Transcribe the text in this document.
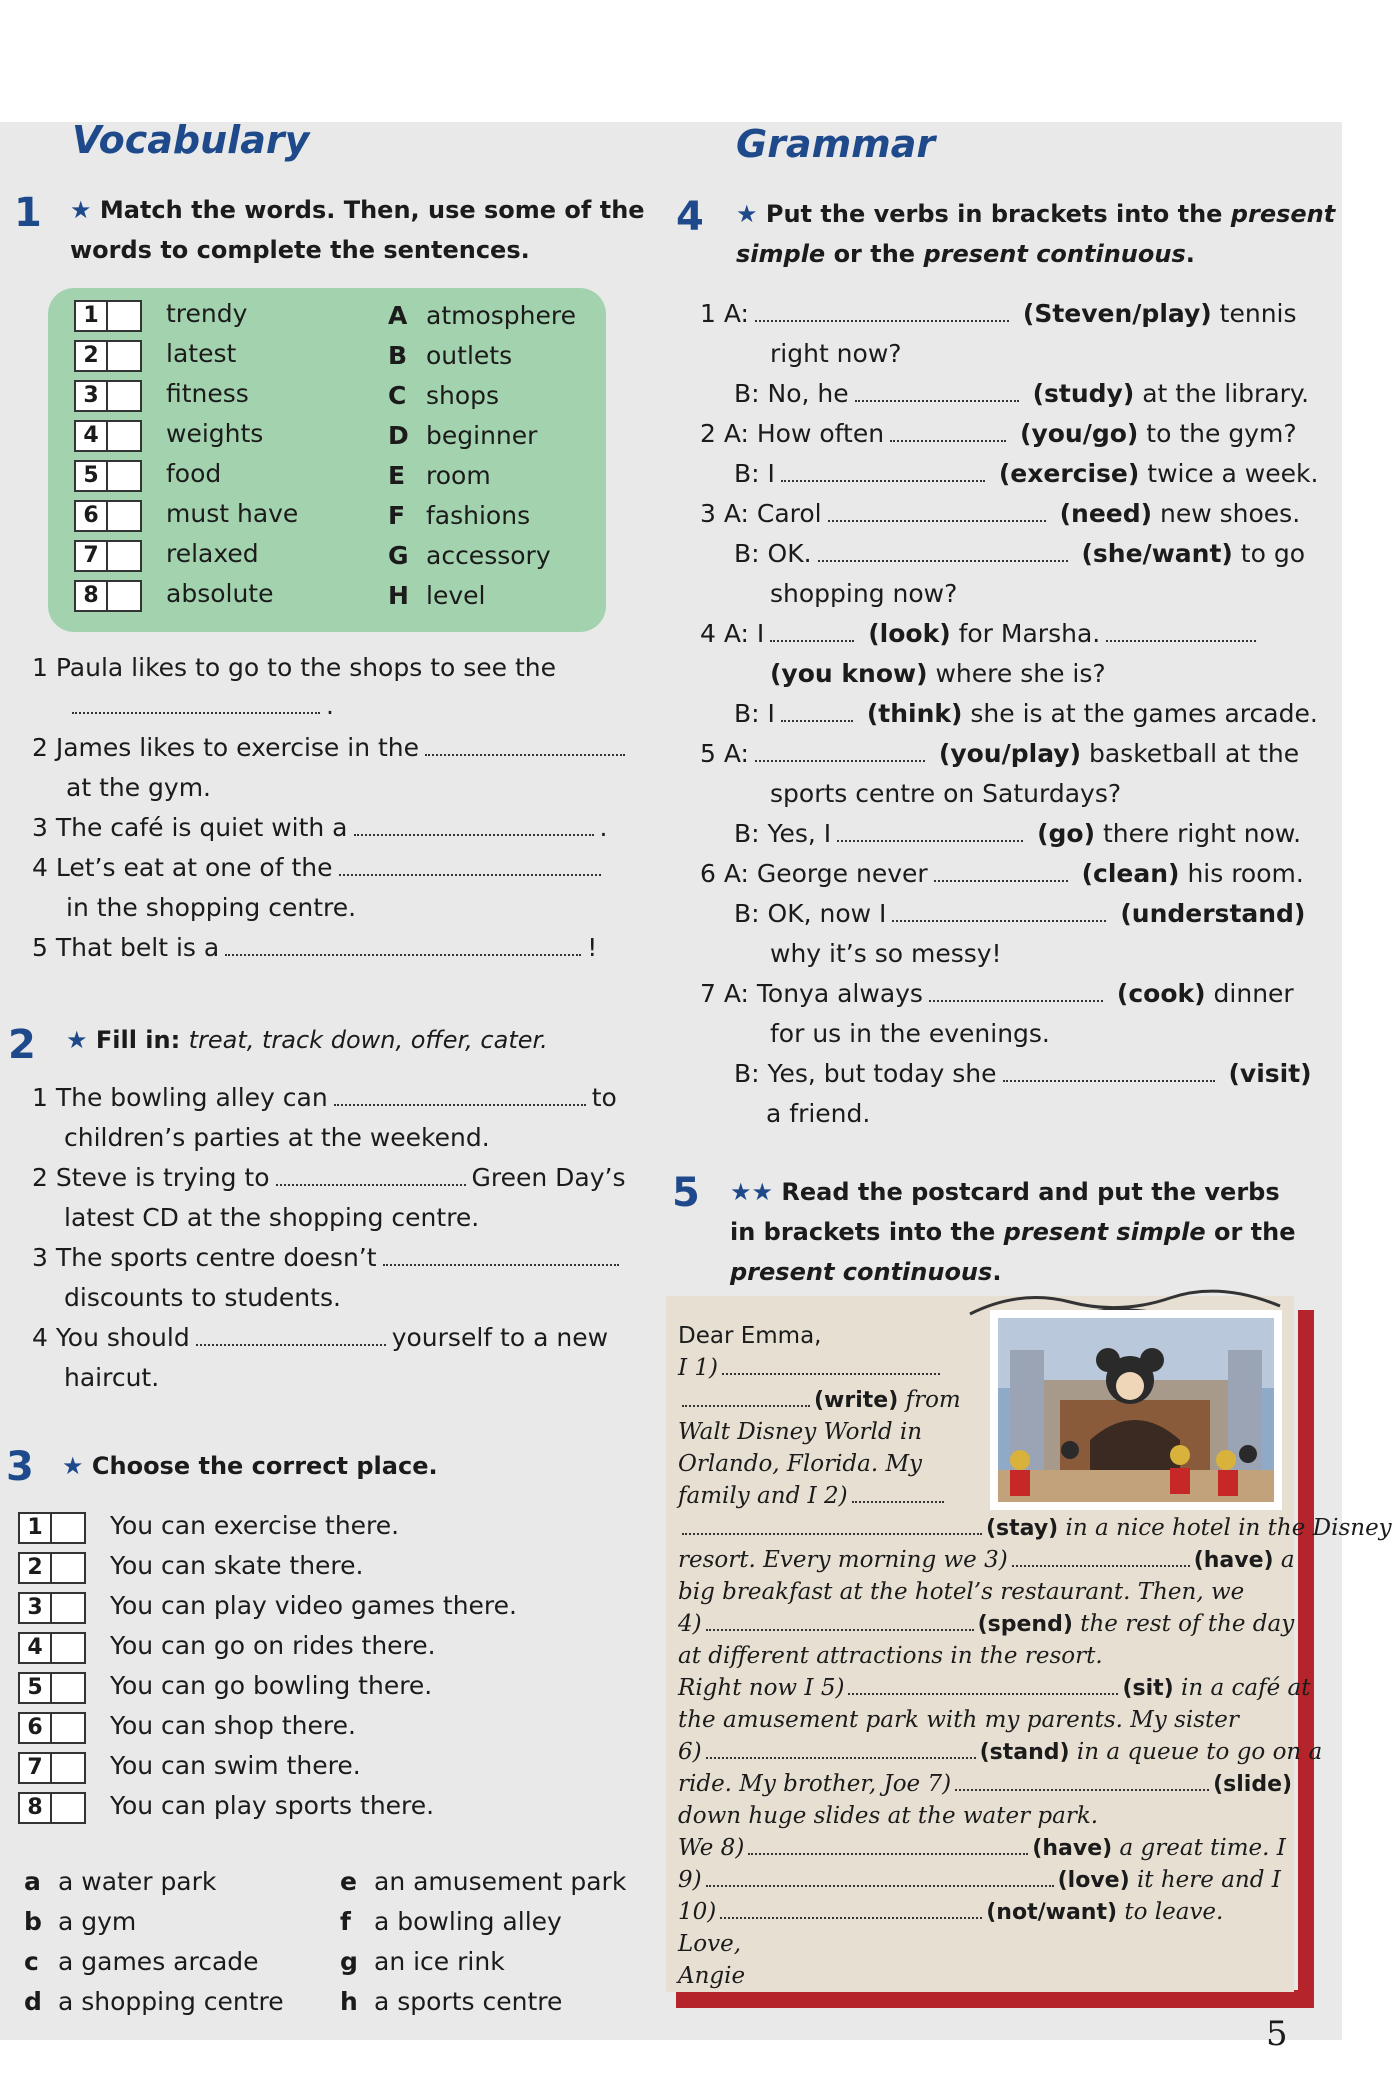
Vocabulary	Grammar
1 ★ Match the words. Then, use some of the
words to complete the sentences.
1	trendy
2	latest
3	fitness
4	weights
5	food
6	must have
7	relaxed
8	absolute
A atmosphere
B outlets
C shops
D beginner
E room
F fashions
G accessory
H level
1 Paula likes to go to the shops to see the
.
2 James likes to exercise in the
at the gym.
3 The café is quiet with a	.
4 Let’s eat at one of the
in the shopping centre.
5 That belt is a	!
2 ★ Fill in: treat, track down, offer, cater.
1 The bowling alley can	to
children’s parties at the weekend.
2 Steve is trying to	Green Day’s
latest CD at the shopping centre.
3 The sports centre doesn’t
discounts to students.
4 You should	yourself to a new
haircut.
3 ★ Choose the correct place.
1	You can exercise there.
2	You can skate there.
3	You can play video games there.
4	You can go on rides there.
5	You can go bowling there.
6	You can shop there.
7	You can swim there.
8	You can play sports there.
a a water park
b a gym
c a games arcade
d a shopping centre
e an amusement park
f a bowling alley
g an ice rink
h a sports centre
4 ★ Put the verbs in brackets into the present
simple or the present continuous.
1 A:	(Steven/play) tennis
right now?
B: No, he	(study) at the library.
2 A: How often	(you/go) to the gym?
B: I	(exercise) twice a week.
3 A: Carol	(need) new shoes.
B: OK.	(she/want) to go
shopping now?
4 A: I	(look) for Marsha.
(you know) where she is?
B: I	(think) she is at the games arcade.
5 A:	(you/play) basketball at the
sports centre on Saturdays?
B: Yes, I	(go) there right now.
6 A: George never	(clean) his room.
B: OK, now I	(understand)
why it’s so messy!
7 A: Tonya always	(cook) dinner
for us in the evenings.
B: Yes, but today she	(visit)
a friend.
5 ★★ Read the postcard and put the verbs
in brackets into the present simple or the
present continuous.
Dear Emma,
I 1)
(write) from
Walt Disney World in
Orlando, Florida. My
family and I 2)
(stay) in a nice hotel in the Disney
resort. Every morning we 3)	(have) a
big breakfast at the hotel’s restaurant. Then, we
4)	(spend) the rest of the day
at different attractions in the resort.
Right now I 5)	(sit) in a café at
the amusement park with my parents. My sister
6)	(stand) in a queue to go on a
ride. My brother, Joe 7)	(slide)
down huge slides at the water park.
We 8)	(have) a great time. I
9)	(love) it here and I
10)	(not/want) to leave.
Love,
Angie
5
